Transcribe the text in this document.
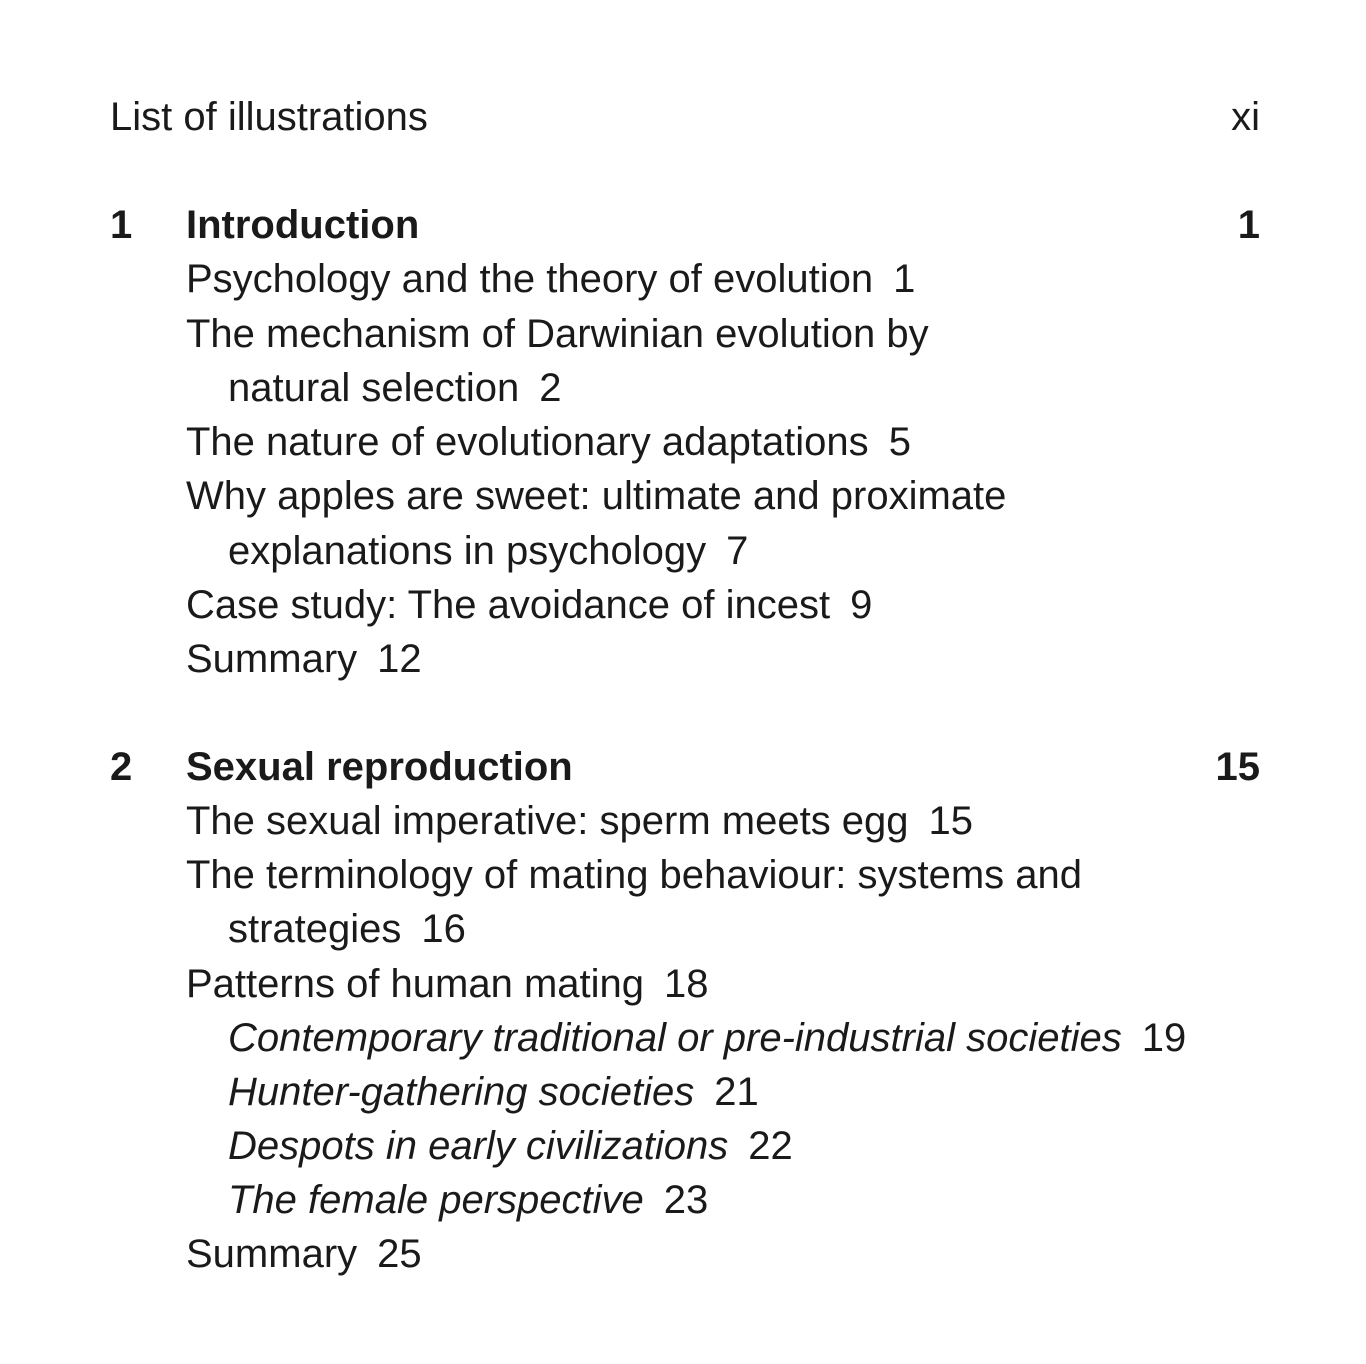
List of illustrations	xi
1 Introduction	1
Psychology and the theory of evolution 1
The mechanism of Darwinian evolution by
natural selection 2
The nature of evolutionary adaptations 5
Why apples are sweet: ultimate and proximate
explanations in psychology 7
Case study: The avoidance of incest 9
Summary 12
2 Sexual reproduction	15
The sexual imperative: sperm meets egg 15
The terminology of mating behaviour: systems and
strategies 16
Patterns of human mating 18
Contemporary traditional or pre-industrial societies 19
Hunter-gathering societies 21
Despots in early civilizations 22
The female perspective 23
Summary 25
